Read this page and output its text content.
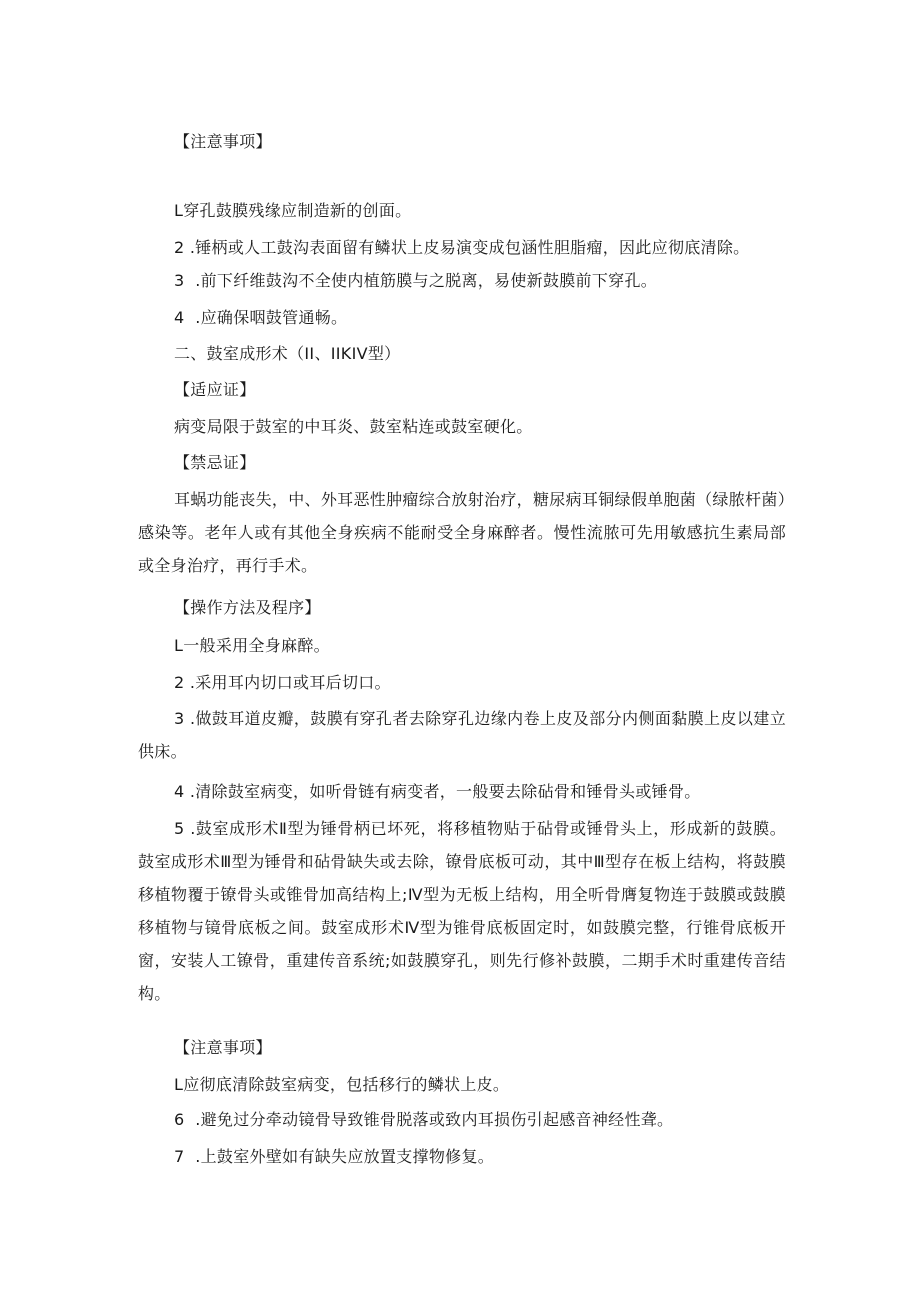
【注意事项】
L穿孔鼓膜残缘应制造新的创面。
2 .锤柄或人工鼓沟表面留有鳞状上皮易演变成包涵性胆脂瘤，因此应彻底清除。
3  .前下纤维鼓沟不全使内植筋膜与之脱离，易使新鼓膜前下穿孔。
4  .应确保咽鼓管通畅。
二、鼓室成形术（II、IIKIV型）
【适应证】
病变局限于鼓室的中耳炎、鼓室粘连或鼓室硬化。
【禁忌证】
耳蜗功能丧失，中、外耳恶性肿瘤综合放射治疗，糖尿病耳铜绿假单胞菌（绿脓杆菌）感染等。老年人或有其他全身疾病不能耐受全身麻醉者。慢性流脓可先用敏感抗生素局部或全身治疗，再行手术。
【操作方法及程序】
L一般采用全身麻醉。
2 .采用耳内切口或耳后切口。
3 .做鼓耳道皮瓣，鼓膜有穿孔者去除穿孔边缘内卷上皮及部分内侧面黏膜上皮以建立供床。
4 .清除鼓室病变，如听骨链有病变者，一般要去除砧骨和锤骨头或锤骨。
5 .鼓室成形术Ⅱ型为锤骨柄已坏死，将移植物贴于砧骨或锤骨头上，形成新的鼓膜。鼓室成形术Ⅲ型为锤骨和砧骨缺失或去除，镣骨底板可动，其中Ⅲ型存在板上结构，将鼓膜移植物覆于镣骨头或锥骨加高结构上;Ⅳ型为无板上结构，用全听骨膺复物连于鼓膜或鼓膜移植物与镜骨底板之间。鼓室成形术Ⅳ型为锥骨底板固定时，如鼓膜完整，行锥骨底板开窗，安装人工镣骨，重建传音系统;如鼓膜穿孔，则先行修补鼓膜，二期手术时重建传音结构。
【注意事项】
L应彻底清除鼓室病变，包括移行的鳞状上皮。
6  .避免过分牵动镜骨导致锥骨脱落或致内耳损伤引起感音神经性聋。
7  .上鼓室外壁如有缺失应放置支撑物修复。
